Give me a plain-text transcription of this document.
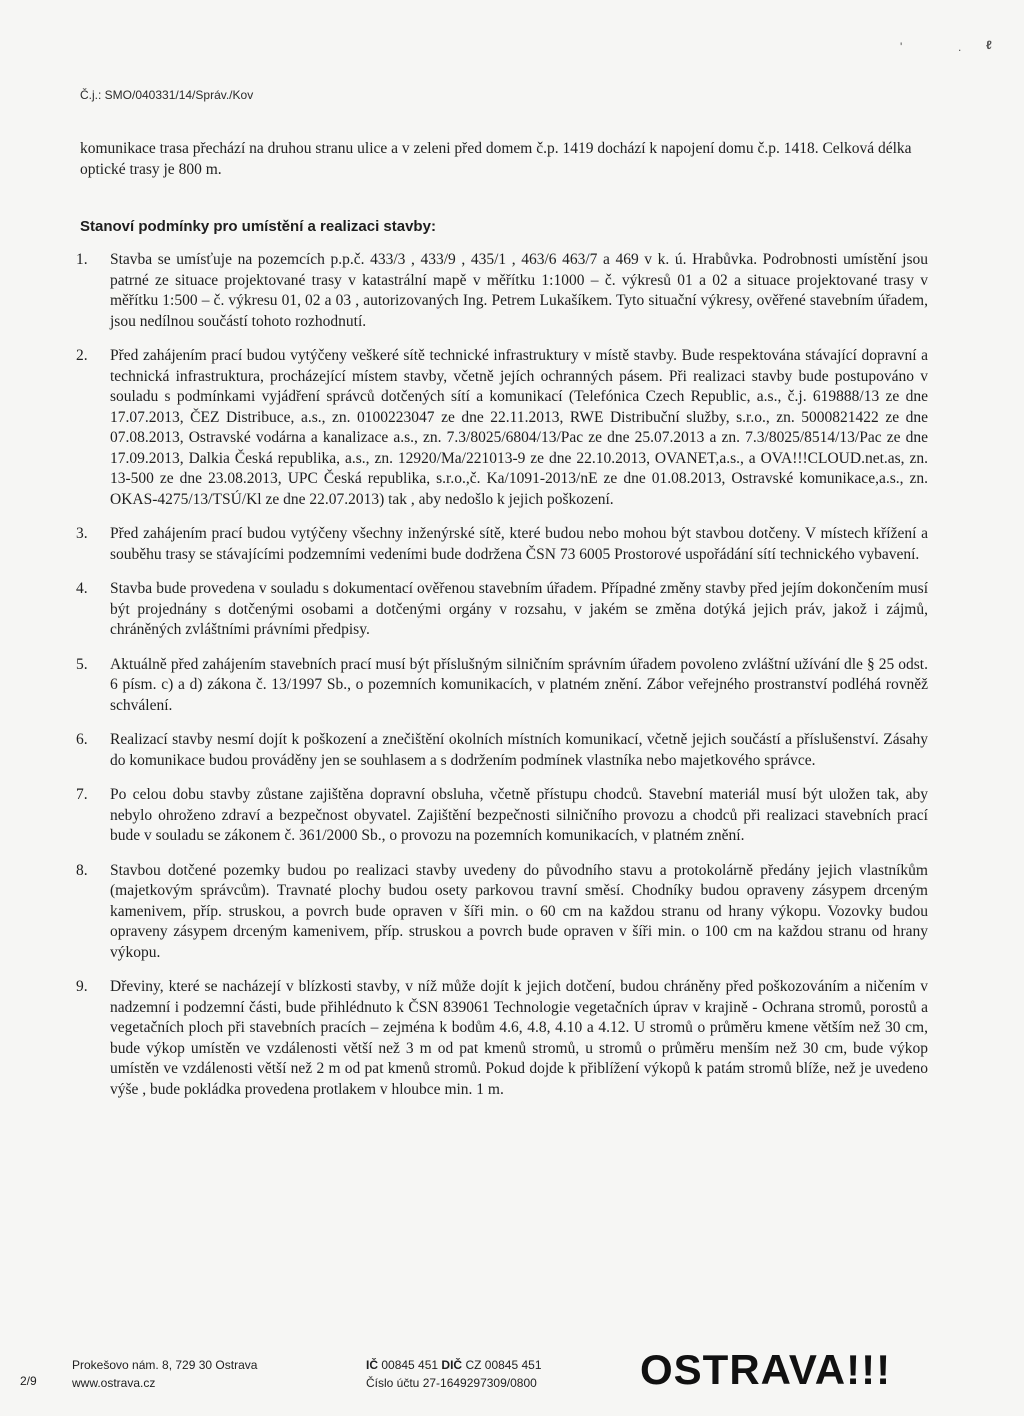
'	. ℓ
Č.j.: SMO/040331/14/Správ./Kov

komunikace trasa přechází na druhou stranu ulice a v zeleni před domem č.p. 1419 dochází k napojení domu č.p. 1418. Celková délka optické trasy je 800 m.

Stanoví podmínky pro umístění a realizaci stavby:
1.	Stavba se umísťuje na pozemcích p.p.č. 433/3 , 433/9 , 435/1 , 463/6 463/7 a 469 v k. ú. Hrabůvka. Podrobnosti umístění jsou patrné ze situace projektované trasy v katastrální mapě v měřítku 1:1000 – č. výkresů 01 a 02 a situace projektované trasy v měřítku 1:500 – č. výkresu 01, 02 a 03 , autorizovaných Ing. Petrem Lukašíkem. Tyto situační výkresy, ověřené stavebním úřadem, jsou nedílnou součástí tohoto rozhodnutí.
2.	Před zahájením prací budou vytýčeny veškeré sítě technické infrastruktury v místě stavby. Bude respektována stávající dopravní a technická infrastruktura, procházející místem stavby, včetně jejích ochranných pásem. Při realizaci stavby bude postupováno v souladu s podmínkami vyjádření správců dotčených sítí a komunikací (Telefónica Czech Republic, a.s., č.j. 619888/13 ze dne 17.07.2013, ČEZ Distribuce, a.s., zn. 0100223047 ze dne 22.11.2013, RWE Distribuční služby, s.r.o., zn. 5000821422 ze dne 07.08.2013, Ostravské vodárna a kanalizace a.s., zn. 7.3/8025/6804/13/Pac ze dne 25.07.2013 a zn. 7.3/8025/8514/13/Pac ze dne 17.09.2013, Dalkia Česká republika, a.s., zn. 12920/Ma/221013-9 ze dne 22.10.2013, OVANET,a.s., a OVA!!!CLOUD.net.as, zn. 13-500 ze dne 23.08.2013, UPC Česká republika, s.r.o.,č. Ka/1091-2013/nE ze dne 01.08.2013, Ostravské komunikace,a.s., zn. OKAS-4275/13/TSÚ/Kl ze dne 22.07.2013) tak , aby nedošlo k jejich poškození.
3.	Před zahájením prací budou vytýčeny všechny inženýrské sítě, které budou nebo mohou být stavbou dotčeny. V místech křížení a souběhu trasy se stávajícími podzemními vedeními bude dodržena ČSN 73 6005 Prostorové uspořádání sítí technického vybavení.
4.	Stavba bude provedena v souladu s dokumentací ověřenou stavebním úřadem. Případné změny stavby před jejím dokončením musí být projednány s dotčenými osobami a dotčenými orgány v rozsahu, v jakém se změna dotýká jejich práv, jakož i zájmů, chráněných zvláštními právními předpisy.
5.	Aktuálně před zahájením stavebních prací musí být příslušným silničním správním úřadem povoleno zvláštní užívání dle § 25 odst. 6 písm. c) a d) zákona č. 13/1997 Sb., o pozemních komunikacích, v platném znění. Zábor veřejného prostranství podléhá rovněž schválení.
6.	Realizací stavby nesmí dojít k poškození a znečištění okolních místních komunikací, včetně jejich součástí a příslušenství. Zásahy do komunikace budou prováděny jen se souhlasem a s dodržením podmínek vlastníka nebo majetkového správce.
7.	Po celou dobu stavby zůstane zajištěna dopravní obsluha, včetně přístupu chodců. Stavební materiál musí být uložen tak, aby nebylo ohroženo zdraví a bezpečnost obyvatel. Zajištění bezpečnosti silničního provozu a chodců při realizaci stavebních prací bude v souladu se zákonem č. 361/2000 Sb., o provozu na pozemních komunikacích, v platném znění.
8.	Stavbou dotčené pozemky budou po realizaci stavby uvedeny do původního stavu a protokolárně předány jejich vlastníkům (majetkovým správcům). Travnaté plochy budou osety parkovou travní směsí. Chodníky budou opraveny zásypem drceným kamenivem, příp. struskou, a povrch bude opraven v šíři min. o 60 cm na každou stranu od hrany výkopu. Vozovky budou opraveny zásypem drceným kamenivem, příp. struskou a povrch bude opraven v šíři min. o 100 cm na každou stranu od hrany výkopu.
9.	Dřeviny, které se nacházejí v blízkosti stavby, v níž může dojít k jejich dotčení, budou chráněny před poškozováním a ničením v nadzemní i podzemní části, bude přihlédnuto k ČSN 839061 Technologie vegetačních úprav v krajině - Ochrana stromů, porostů a vegetačních ploch při stavebních pracích – zejména k bodům 4.6, 4.8, 4.10 a 4.12. U stromů o průměru kmene větším než 30 cm, bude výkop umístěn ve vzdálenosti větší než 3 m od pat kmenů stromů, u stromů o průměru menším než 30 cm, bude výkop umístěn ve vzdálenosti větší než 2 m od pat kmenů stromů. Pokud dojde k přiblížení výkopů k patám stromů blíže, než je uvedeno výše , bude pokládka provedena protlakem v hloubce min. 1 m.
2/9
Prokešovo nám. 8, 729 30 Ostrava
www.ostrava.cz
IČ 00845 451 DIČ CZ 00845 451
Číslo účtu 27-1649297309/0800 OSTRAVA!!!
